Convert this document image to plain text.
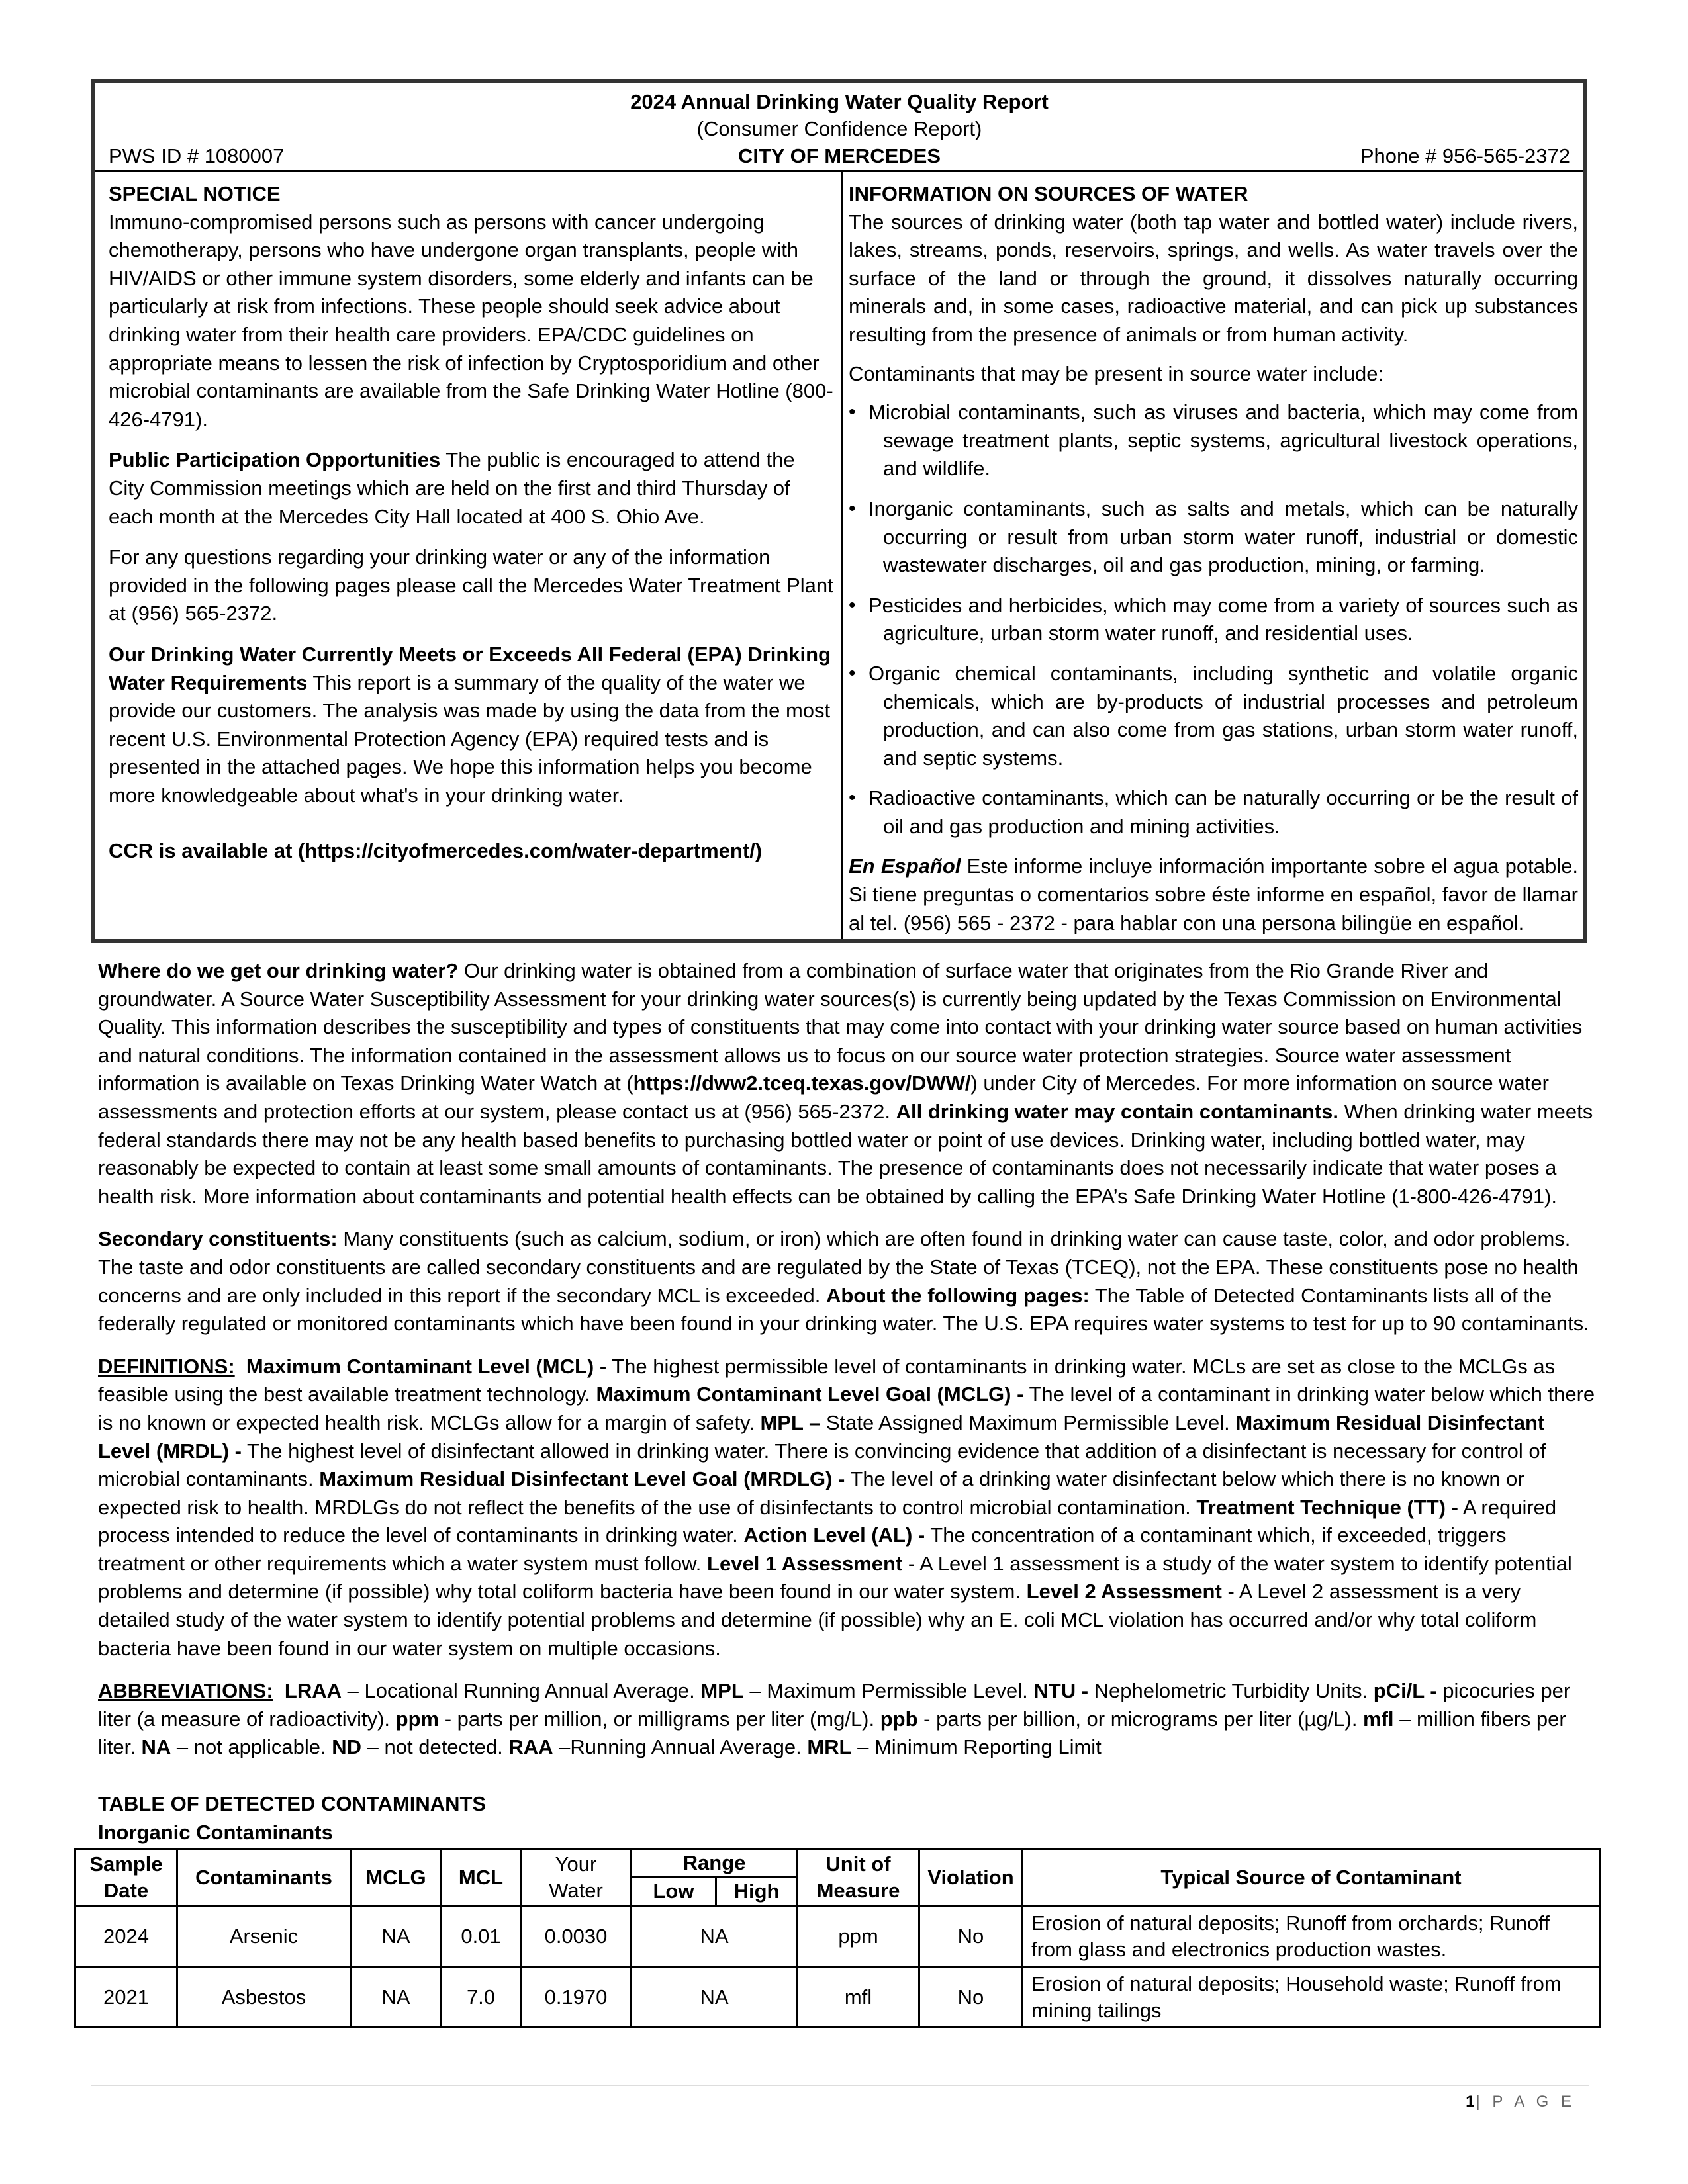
2024 Annual Drinking Water Quality Report
(Consumer Confidence Report)
PWS ID # 1080007	CITY OF MERCEDES	Phone # 956-565-2372

SPECIAL NOTICE

Immuno-compromised persons such as persons with cancer undergoing chemotherapy, persons who have undergone organ transplants, people with HIV/AIDS or other immune system disorders, some elderly and infants can be particularly at risk from infections. These people should seek advice about drinking water from their health care providers. EPA/CDC guidelines on appropriate means to lessen the risk of infection by Cryptosporidium and other microbial contaminants are available from the Safe Drinking Water Hotline (800-426-4791).

Public Participation Opportunities The public is encouraged to attend the City Commission meetings which are held on the first and third Thursday of each month at the Mercedes City Hall located at 400 S. Ohio Ave.

For any questions regarding your drinking water or any of the information provided in the following pages please call the Mercedes Water Treatment Plant at (956) 565-2372.

Our Drinking Water Currently Meets or Exceeds All Federal (EPA) Drinking Water Requirements This report is a summary of the quality of the water we provide our customers. The analysis was made by using the data from the most recent U.S. Environmental Protection Agency (EPA) required tests and is presented in the attached pages. We hope this information helps you become more knowledgeable about what's in your drinking water.

CCR is available at (https://cityofmercedes.com/water-department/)

INFORMATION ON SOURCES OF WATER

The sources of drinking water (both tap water and bottled water) include rivers, lakes, streams, ponds, reservoirs, springs, and wells. As water travels over the surface of the land or through the ground, it dissolves naturally occurring minerals and, in some cases, radioactive material, and can pick up substances resulting from the presence of animals or from human activity.

Contaminants that may be present in source water include:

• Microbial contaminants, such as viruses and bacteria, which may come from sewage treatment plants, septic systems, agricultural livestock operations, and wildlife.
• Inorganic contaminants, such as salts and metals, which can be naturally occurring or result from urban storm water runoff, industrial or domestic wastewater discharges, oil and gas production, mining, or farming.
• Pesticides and herbicides, which may come from a variety of sources such as agriculture, urban storm water runoff, and residential uses.
• Organic chemical contaminants, including synthetic and volatile organic chemicals, which are by-products of industrial processes and petroleum production, and can also come from gas stations, urban storm water runoff, and septic systems.
• Radioactive contaminants, which can be naturally occurring or be the result of oil and gas production and mining activities.

En Español Este informe incluye información importante sobre el agua potable. Si tiene preguntas o comentarios sobre éste informe en español, favor de llamar al tel. (956) 565 - 2372 - para hablar con una persona bilingüe en español.

Where do we get our drinking water? Our drinking water is obtained from a combination of surface water that originates from the Rio Grande River and groundwater. A Source Water Susceptibility Assessment for your drinking water sources(s) is currently being updated by the Texas Commission on Environmental Quality. This information describes the susceptibility and types of constituents that may come into contact with your drinking water source based on human activities and natural conditions. The information contained in the assessment allows us to focus on our source water protection strategies. Source water assessment information is available on Texas Drinking Water Watch at (https://dww2.tceq.texas.gov/DWW/) under City of Mercedes. For more information on source water assessments and protection efforts at our system, please contact us at (956) 565-2372. All drinking water may contain contaminants. When drinking water meets federal standards there may not be any health based benefits to purchasing bottled water or point of use devices. Drinking water, including bottled water, may reasonably be expected to contain at least some small amounts of contaminants. The presence of contaminants does not necessarily indicate that water poses a health risk. More information about contaminants and potential health effects can be obtained by calling the EPA’s Safe Drinking Water Hotline (1-800-426-4791).

Secondary constituents: Many constituents (such as calcium, sodium, or iron) which are often found in drinking water can cause taste, color, and odor problems. The taste and odor constituents are called secondary constituents and are regulated by the State of Texas (TCEQ), not the EPA. These constituents pose no health concerns and are only included in this report if the secondary MCL is exceeded. About the following pages: The Table of Detected Contaminants lists all of the federally regulated or monitored contaminants which have been found in your drinking water. The U.S. EPA requires water systems to test for up to 90 contaminants.

DEFINITIONS: Maximum Contaminant Level (MCL) - The highest permissible level of contaminants in drinking water. MCLs are set as close to the MCLGs as feasible using the best available treatment technology. Maximum Contaminant Level Goal (MCLG) - The level of a contaminant in drinking water below which there is no known or expected health risk. MCLGs allow for a margin of safety. MPL – State Assigned Maximum Permissible Level. Maximum Residual Disinfectant Level (MRDL) - The highest level of disinfectant allowed in drinking water. There is convincing evidence that addition of a disinfectant is necessary for control of microbial contaminants. Maximum Residual Disinfectant Level Goal (MRDLG) - The level of a drinking water disinfectant below which there is no known or expected risk to health. MRDLGs do not reflect the benefits of the use of disinfectants to control microbial contamination. Treatment Technique (TT) - A required process intended to reduce the level of contaminants in drinking water. Action Level (AL) - The concentration of a contaminant which, if exceeded, triggers treatment or other requirements which a water system must follow. Level 1 Assessment - A Level 1 assessment is a study of the water system to identify potential problems and determine (if possible) why total coliform bacteria have been found in our water system. Level 2 Assessment - A Level 2 assessment is a very detailed study of the water system to identify potential problems and determine (if possible) why an E. coli MCL violation has occurred and/or why total coliform bacteria have been found in our water system on multiple occasions.

ABBREVIATIONS: LRAA – Locational Running Annual Average. MPL – Maximum Permissible Level. NTU - Nephelometric Turbidity Units. pCi/L - picocuries per liter (a measure of radioactivity). ppm - parts per million, or milligrams per liter (mg/L). ppb - parts per billion, or micrograms per liter (µg/L). mfl – million fibers per liter. NA – not applicable. ND – not detected. RAA –Running Annual Average. MRL – Minimum Reporting Limit

TABLE OF DETECTED CONTAMINANTS
Inorganic Contaminants
Sample Date	Contaminants	MCLG	MCL	Your Water	Range		Unit of Measure	Violation	Typical Source of Contaminant
					Low	High			
2024	Arsenic	NA	0.01	0.0030	NA		ppm	No	Erosion of natural deposits; Runoff from orchards; Runoff from glass and electronics production wastes.
2021	Asbestos	NA	7.0	0.1970	NA		mfl	No	Erosion of natural deposits; Household waste; Runoff from mining tailings
1| P A G E
